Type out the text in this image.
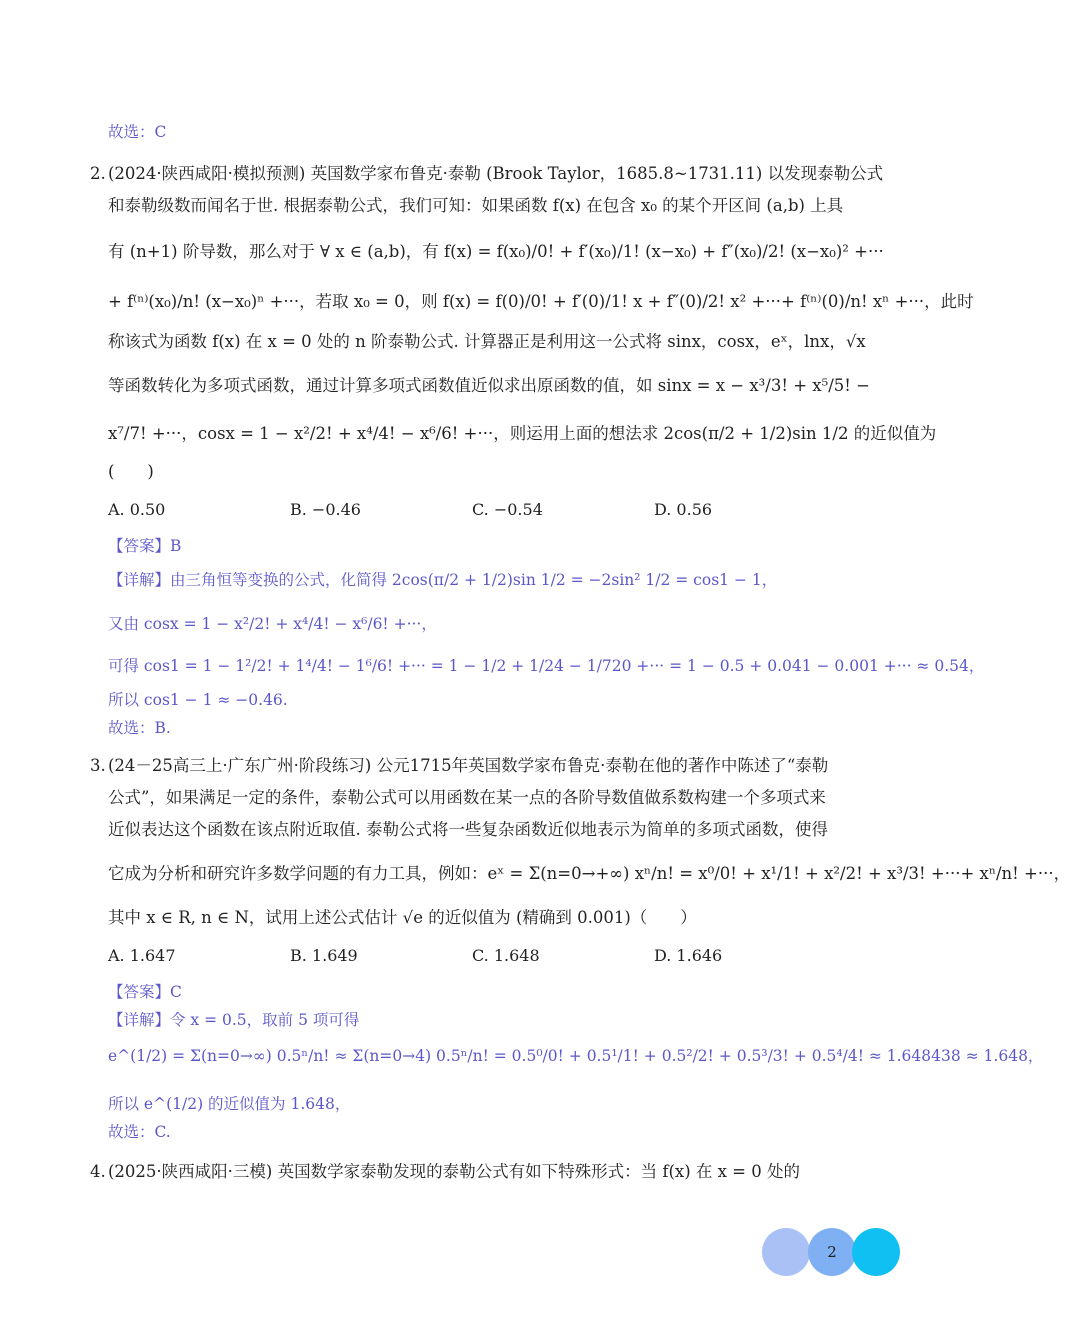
故选：C
2. (2024·陕西咸阳·模拟预测) 英国数学家布鲁克·泰勒 (Brook Taylor，1685.8~1731.11) 以发现泰勒公式
和泰勒级数而闻名于世. 根据泰勒公式，我们可知：如果函数 f(x) 在包含 x₀ 的某个开区间 (a,b) 上具
有 (n+1) 阶导数，那么对于 ∀ x ∈ (a,b)，有 f(x) = f(x₀)/0! + f′(x₀)/1! (x−x₀) + f″(x₀)/2! (x−x₀)² +···
+ f⁽ⁿ⁾(x₀)/n! (x−x₀)ⁿ +···，若取 x₀ = 0，则 f(x) = f(0)/0! + f′(0)/1! x + f″(0)/2! x² +···+ f⁽ⁿ⁾(0)/n! xⁿ +···，此时
称该式为函数 f(x) 在 x = 0 处的 n 阶泰勒公式. 计算器正是利用这一公式将 sinx，cosx，eˣ，lnx，√x
等函数转化为多项式函数，通过计算多项式函数值近似求出原函数的值，如 sinx = x − x³/3! + x⁵/5! −
x⁷/7! +···，cosx = 1 − x²/2! + x⁴/4! − x⁶/6! +···，则运用上面的想法求 2cos(π/2 + 1/2)sin 1/2 的近似值为
(　　)
A. 0.50	B. −0.46	C. −0.54	D. 0.56
【答案】B
【详解】由三角恒等变换的公式，化简得 2cos(π/2 + 1/2)sin 1/2 = −2sin² 1/2 = cos1 − 1，
又由 cosx = 1 − x²/2! + x⁴/4! − x⁶/6! +···，
可得 cos1 = 1 − 1²/2! + 1⁴/4! − 1⁶/6! +··· = 1 − 1/2 + 1/24 − 1/720 +··· = 1 − 0.5 + 0.041 − 0.001 +··· ≈ 0.54，
所以 cos1 − 1 ≈ −0.46.
故选：B.
3. (24－25高三上·广东广州·阶段练习) 公元1715年英国数学家布鲁克·泰勒在他的著作中陈述了“泰勒
公式”，如果满足一定的条件，泰勒公式可以用函数在某一点的各阶导数值做系数构建一个多项式来
近似表达这个函数在该点附近取值. 泰勒公式将一些复杂函数近似地表示为简单的多项式函数，使得
它成为分析和研究许多数学问题的有力工具，例如：eˣ = Σ(n=0→+∞) xⁿ/n! = x⁰/0! + x¹/1! + x²/2! + x³/3! +···+ xⁿ/n! +···，
其中 x ∈ R, n ∈ N，试用上述公式估计 √e 的近似值为 (精确到 0.001)（　　）
A. 1.647	B. 1.649	C. 1.648	D. 1.646
【答案】C
【详解】令 x = 0.5，取前 5 项可得
e^(1/2) = Σ(n=0→∞) 0.5ⁿ/n! ≈ Σ(n=0→4) 0.5ⁿ/n! = 0.5⁰/0! + 0.5¹/1! + 0.5²/2! + 0.5³/3! + 0.5⁴/4! ≈ 1.648438 ≈ 1.648，
所以 e^(1/2) 的近似值为 1.648，
故选：C.
4. (2025·陕西咸阳·三模) 英国数学家泰勒发现的泰勒公式有如下特殊形式：当 f(x) 在 x = 0 处的
2
